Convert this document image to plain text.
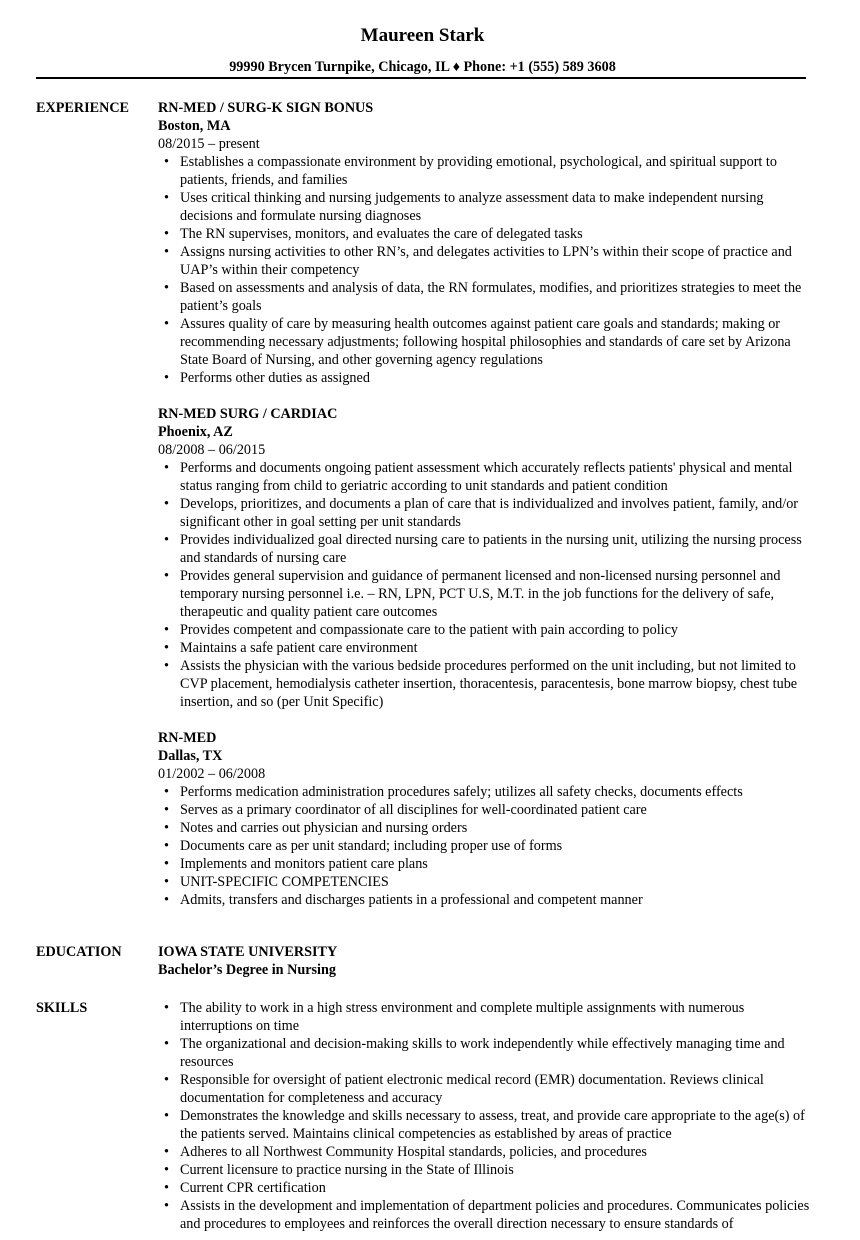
Maureen Stark
99990 Brycen Turnpike, Chicago, IL ♦ Phone: +1 (555) 589 3608
EXPERIENCE RN-MED / SURG-K SIGN BONUS
Boston, MA
08/2015 – present
• Establishes a compassionate environment by providing emotional, psychological, and spiritual support to patients, friends, and families
• Uses critical thinking and nursing judgements to analyze assessment data to make independent nursing decisions and formulate nursing diagnoses
• The RN supervises, monitors, and evaluates the care of delegated tasks
• Assigns nursing activities to other RN’s, and delegates activities to LPN’s within their scope of practice and UAP’s within their competency
• Based on assessments and analysis of data, the RN formulates, modifies, and prioritizes strategies to meet the patient’s goals
• Assures quality of care by measuring health outcomes against patient care goals and standards; making or recommending necessary adjustments; following hospital philosophies and standards of care set by Arizona State Board of Nursing, and other governing agency regulations
• Performs other duties as assigned
RN-MED SURG / CARDIAC
Phoenix, AZ
08/2008 – 06/2015
• Performs and documents ongoing patient assessment which accurately reflects patients' physical and mental status ranging from child to geriatric according to unit standards and patient condition
• Develops, prioritizes, and documents a plan of care that is individualized and involves patient, family, and/or significant other in goal setting per unit standards
• Provides individualized goal directed nursing care to patients in the nursing unit, utilizing the nursing process and standards of nursing care
• Provides general supervision and guidance of permanent licensed and non-licensed nursing personnel and temporary nursing personnel i.e. – RN, LPN, PCT U.S, M.T. in the job functions for the delivery of safe, therapeutic and quality patient care outcomes
• Provides competent and compassionate care to the patient with pain according to policy
• Maintains a safe patient care environment
• Assists the physician with the various bedside procedures performed on the unit including, but not limited to CVP placement, hemodialysis catheter insertion, thoracentesis, paracentesis, bone marrow biopsy, chest tube insertion, and so (per Unit Specific)
RN-MED
Dallas, TX
01/2002 – 06/2008
• Performs medication administration procedures safely; utilizes all safety checks, documents effects
• Serves as a primary coordinator of all disciplines for well-coordinated patient care
• Notes and carries out physician and nursing orders
• Documents care as per unit standard; including proper use of forms
• Implements and monitors patient care plans
• UNIT-SPECIFIC COMPETENCIES
• Admits, transfers and discharges patients in a professional and competent manner
EDUCATION	IOWA STATE UNIVERSITY
Bachelor’s Degree in Nursing
SKILLS
•	The ability to work in a high stress environment and complete multiple assignments with numerous interruptions on time
• The organizational and decision-making skills to work independently while effectively managing time and resources
• Responsible for oversight of patient electronic medical record (EMR) documentation. Reviews clinical documentation for completeness and accuracy
• Demonstrates the knowledge and skills necessary to assess, treat, and provide care appropriate to the age(s) of the patients served. Maintains clinical competencies as established by areas of practice
• Adheres to all Northwest Community Hospital standards, policies, and procedures
• Current licensure to practice nursing in the State of Illinois
• Current CPR certification
• Assists in the development and implementation of department policies and procedures. Communicates policies and procedures to employees and reinforces the overall direction necessary to ensure standards of
